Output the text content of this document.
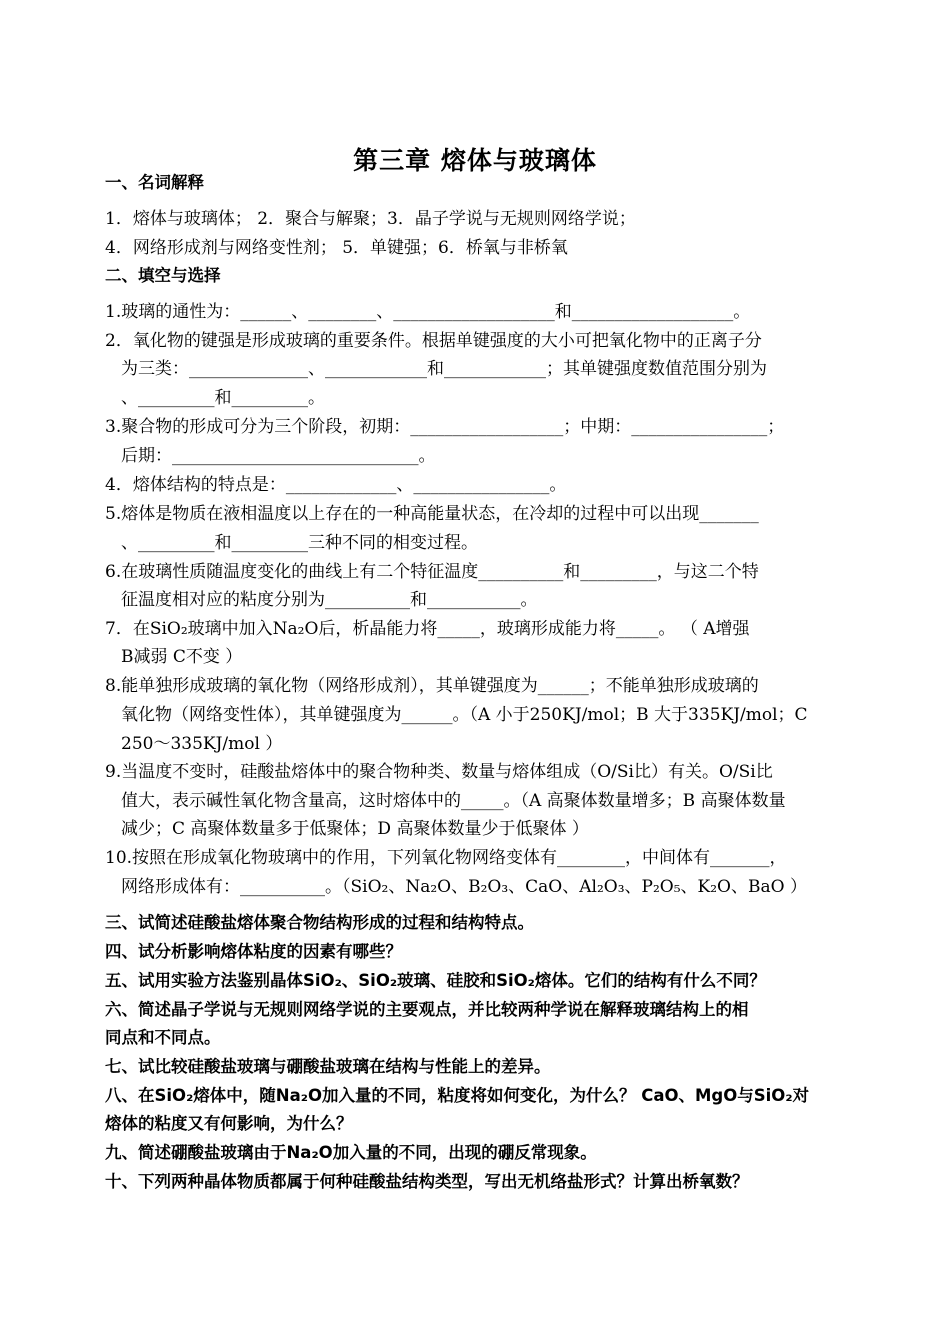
第三章 熔体与玻璃体
一、名词解释
1．熔体与玻璃体； 2．聚合与解聚；3．晶子学说与无规则网络学说；
4．网络形成剂与网络变性剂； 5．单键强；6．桥氧与非桥氧
二、填空与选择
1.玻璃的通性为：______、________、___________________和___________________。
2．氧化物的键强是形成玻璃的重要条件。根据单键强度的大小可把氧化物中的正离子分
为三类：______________、____________和____________；其单键强度数值范围分别为
、_________和_________。
3.聚合物的形成可分为三个阶段，初期：__________________；中期：________________；
后期：_____________________________。
4．熔体结构的特点是：_____________、________________。
5.熔体是物质在液相温度以上存在的一种高能量状态，在冷却的过程中可以出现_______
、_________和_________三种不同的相变过程。
6.在玻璃性质随温度变化的曲线上有二个特征温度__________和_________，与这二个特
征温度相对应的粘度分别为__________和___________。
7．在SiO₂玻璃中加入Na₂O后，析晶能力将_____，玻璃形成能力将_____。 （ A增强
B减弱 C不变 ）
8.能单独形成玻璃的氧化物（网络形成剂），其单键强度为______；不能单独形成玻璃的
氧化物（网络变性体），其单键强度为______。（A 小于250KJ/mol；B 大于335KJ/mol；C
250～335KJ/mol ）
9.当温度不变时，硅酸盐熔体中的聚合物种类、数量与熔体组成（O/Si比）有关。O/Si比
值大，表示碱性氧化物含量高，这时熔体中的_____。（A 高聚体数量增多；B 高聚体数量
减少；C 高聚体数量多于低聚体；D 高聚体数量少于低聚体 ）
10.按照在形成氧化物玻璃中的作用，下列氧化物网络变体有________，中间体有_______，
网络形成体有：__________。（SiO₂、Na₂O、B₂O₃、CaO、Al₂O₃、P₂O₅、K₂O、BaO ）
三、试简述硅酸盐熔体聚合物结构形成的过程和结构特点。
四、试分析影响熔体粘度的因素有哪些？
五、试用实验方法鉴别晶体SiO₂、SiO₂玻璃、硅胶和SiO₂熔体。它们的结构有什么不同？
六、简述晶子学说与无规则网络学说的主要观点，并比较两种学说在解释玻璃结构上的相
同点和不同点。
七、试比较硅酸盐玻璃与硼酸盐玻璃在结构与性能上的差异。
八、在SiO₂熔体中，随Na₂O加入量的不同，粘度将如何变化，为什么？ CaO、MgO与SiO₂对
熔体的粘度又有何影响，为什么？
九、简述硼酸盐玻璃由于Na₂O加入量的不同，出现的硼反常现象。
十、下列两种晶体物质都属于何种硅酸盐结构类型，写出无机络盐形式？计算出桥氧数？
